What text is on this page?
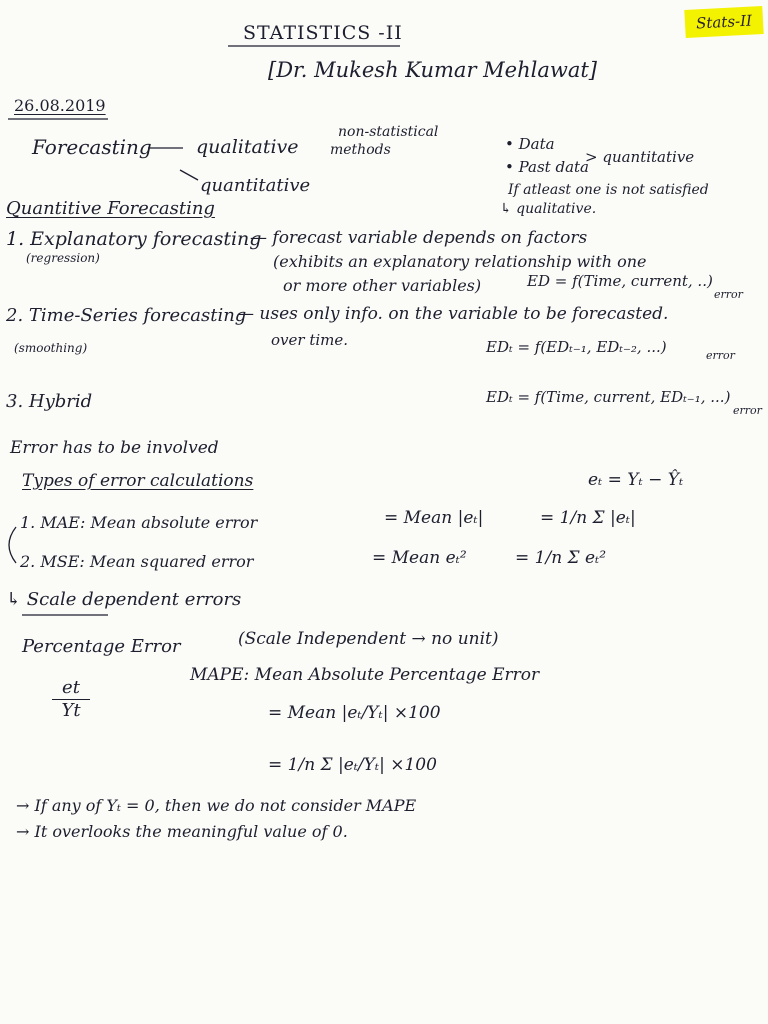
Stats-II
STATISTICS -II
[Dr. Mukesh Kumar Mehlawat]
26.08.2019
Forecasting qualitative
non-statistical
methods
quantitative
• Data
• Past data
> quantitative
If atleast one is not satisfied
↳ qualitative.
Quantitive Forecasting
1. Explanatory forecasting
(regression)
— forecast variable depends on factors
(exhibits an explanatory relationship with one
or more other variables)	ED = f(Time, current, ..)
error
2. Time-Series forecasting
(smoothing)
— uses only info. on the variable to be forecasted.
over time.	EDₜ = f(EDₜ₋₁, EDₜ₋₂, ...)	error
3. Hybrid	EDₜ = f(Time, current, EDₜ₋₁, ...)
error
Error has to be involved
Types of error calculations	eₜ = Yₜ − Ŷₜ
1. MAE: Mean absolute error	= Mean |eₜ|	= 1/n Σ |eₜ|
2. MSE: Mean squared error	= Mean eₜ²	= 1/n Σ eₜ²
↳ Scale dependent errors
Percentage Error	(Scale Independent → no unit)
et
Yt
MAPE: Mean Absolute Percentage Error
= Mean |eₜ/Yₜ| ×100
= 1/n Σ |eₜ/Yₜ| ×100
→ If any of Yₜ = 0, then we do not consider MAPE
→ It overlooks the meaningful value of 0.
